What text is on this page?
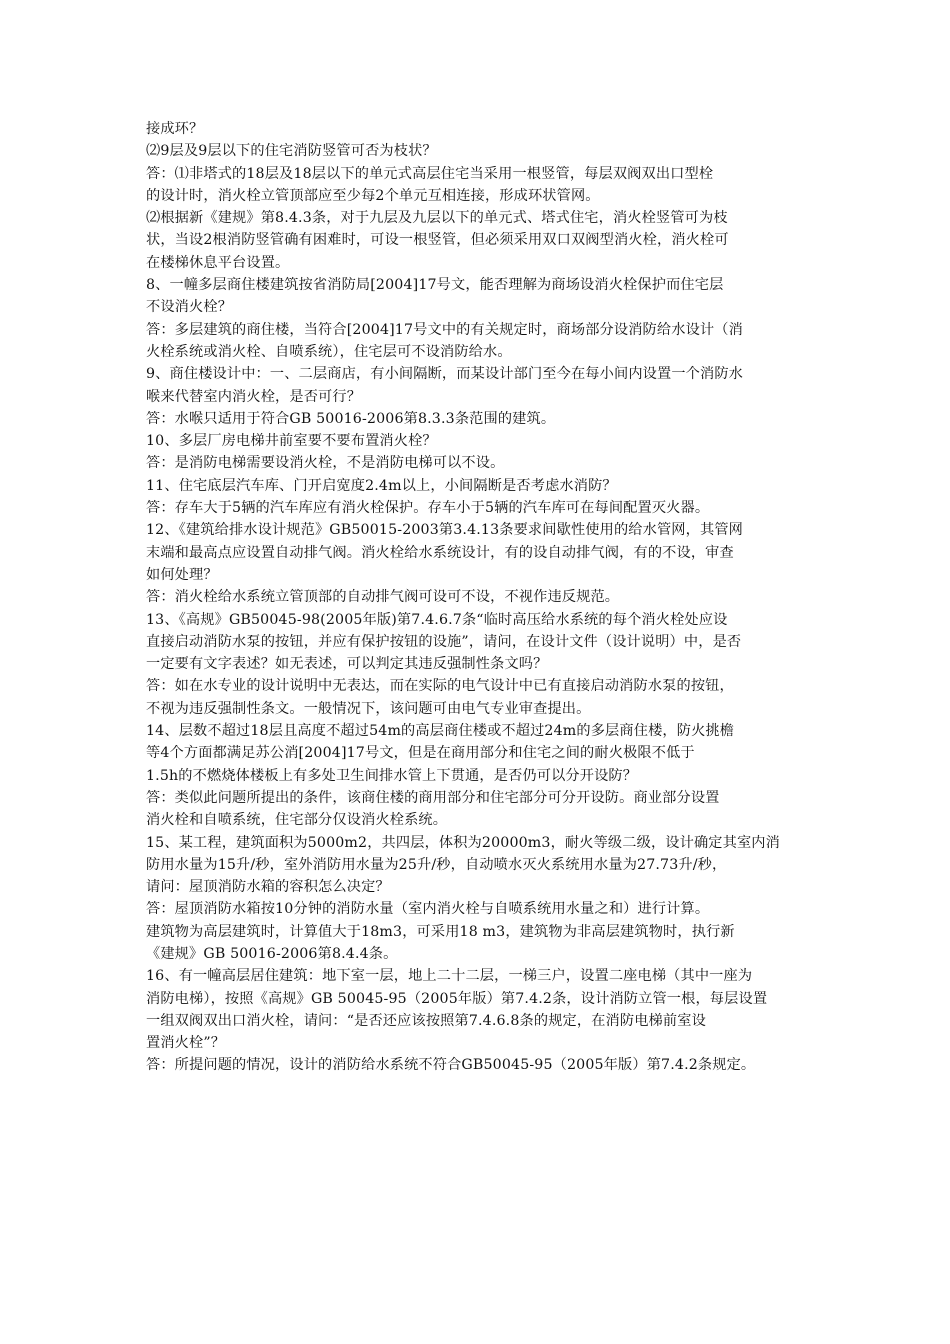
接成环？
⑵9层及9层以下的住宅消防竖管可否为枝状？
答：⑴非塔式的18层及18层以下的单元式高层住宅当采用一根竖管，每层双阀双出口型栓
的设计时，消火栓立管顶部应至少每2个单元互相连接，形成环状管网。
⑵根据新《建规》第8.4.3条，对于九层及九层以下的单元式、塔式住宅，消火栓竖管可为枝
状，当设2根消防竖管确有困难时，可设一根竖管，但必须采用双口双阀型消火栓，消火栓可
在楼梯休息平台设置。
8、一幢多层商住楼建筑按省消防局[2004]17号文，能否理解为商场设消火栓保护而住宅层
不设消火栓？
答：多层建筑的商住楼，当符合[2004]17号文中的有关规定时，商场部分设消防给水设计（消
火栓系统或消火栓、自喷系统），住宅层可不设消防给水。
9、商住楼设计中：一、二层商店，有小间隔断，而某设计部门至今在每小间内设置一个消防水
喉来代替室内消火栓，是否可行？
答：水喉只适用于符合GB 50016-2006第8.3.3条范围的建筑。
10、多层厂房电梯井前室要不要布置消火栓？
答：是消防电梯需要设消火栓，不是消防电梯可以不设。
11、住宅底层汽车库、门开启宽度2.4m以上，小间隔断是否考虑水消防？
答：存车大于5辆的汽车库应有消火栓保护。存车小于5辆的汽车库可在每间配置灭火器。
12、《建筑给排水设计规范》GB50015-2003第3.4.13条要求间歇性使用的给水管网，其管网
末端和最高点应设置自动排气阀。消火栓给水系统设计，有的设自动排气阀，有的不设，审查
如何处理？
答：消火栓给水系统立管顶部的自动排气阀可设可不设，不视作违反规范。
13、《高规》GB50045-98(2005年版)第7.4.6.7条“临时高压给水系统的每个消火栓处应设
直接启动消防水泵的按钮，并应有保护按钮的设施”，请问，在设计文件（设计说明）中，是否
一定要有文字表述？如无表述，可以判定其违反强制性条文吗？
答：如在水专业的设计说明中无表达，而在实际的电气设计中已有直接启动消防水泵的按钮，
不视为违反强制性条文。一般情况下，该问题可由电气专业审查提出。
14、层数不超过18层且高度不超过54m的高层商住楼或不超过24m的多层商住楼，防火挑檐
等4个方面都满足苏公消[2004]17号文，但是在商用部分和住宅之间的耐火极限不低于
1.5h的不燃烧体楼板上有多处卫生间排水管上下贯通，是否仍可以分开设防？
答：类似此问题所提出的条件，该商住楼的商用部分和住宅部分可分开设防。商业部分设置
消火栓和自喷系统，住宅部分仅设消火栓系统。
15、某工程，建筑面积为5000m2，共四层，体积为20000m3，耐火等级二级，设计确定其室内消
防用水量为15升/秒，室外消防用水量为25升/秒，自动喷水灭火系统用水量为27.73升/秒，
请问：屋顶消防水箱的容积怎么决定？
答：屋顶消防水箱按10分钟的消防水量（室内消火栓与自喷系统用水量之和）进行计算。
建筑物为高层建筑时，计算值大于18m3，可采用18 m3，建筑物为非高层建筑物时，执行新
《建规》GB 50016-2006第8.4.4条。
16、有一幢高层居住建筑：地下室一层，地上二十二层，一梯三户，设置二座电梯（其中一座为
消防电梯），按照《高规》GB 50045-95（2005年版）第7.4.2条，设计消防立管一根，每层设置
一组双阀双出口消火栓，请问：“是否还应该按照第7.4.6.8条的规定，在消防电梯前室设
置消火栓”？
答：所提问题的情况，设计的消防给水系统不符合GB50045-95（2005年版）第7.4.2条规定。
